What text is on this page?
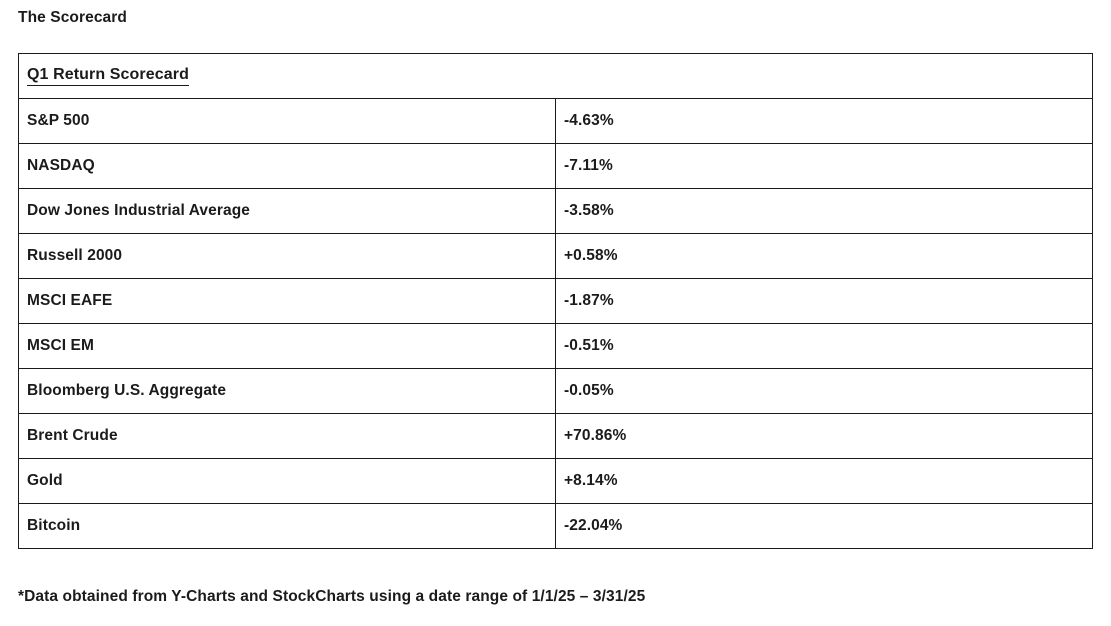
The Scorecard
Q1 Return Scorecard	
S&P 500	-4.63%
NASDAQ	-7.11%
Dow Jones Industrial Average	-3.58%
Russell 2000	+0.58%
MSCI EAFE	-1.87%
MSCI EM	-0.51%
Bloomberg U.S. Aggregate	-0.05%
Brent Crude	+70.86%
Gold	+8.14%
Bitcoin	-22.04%
*Data obtained from Y-Charts and StockCharts using a date range of 1/1/25 – 3/31/25
